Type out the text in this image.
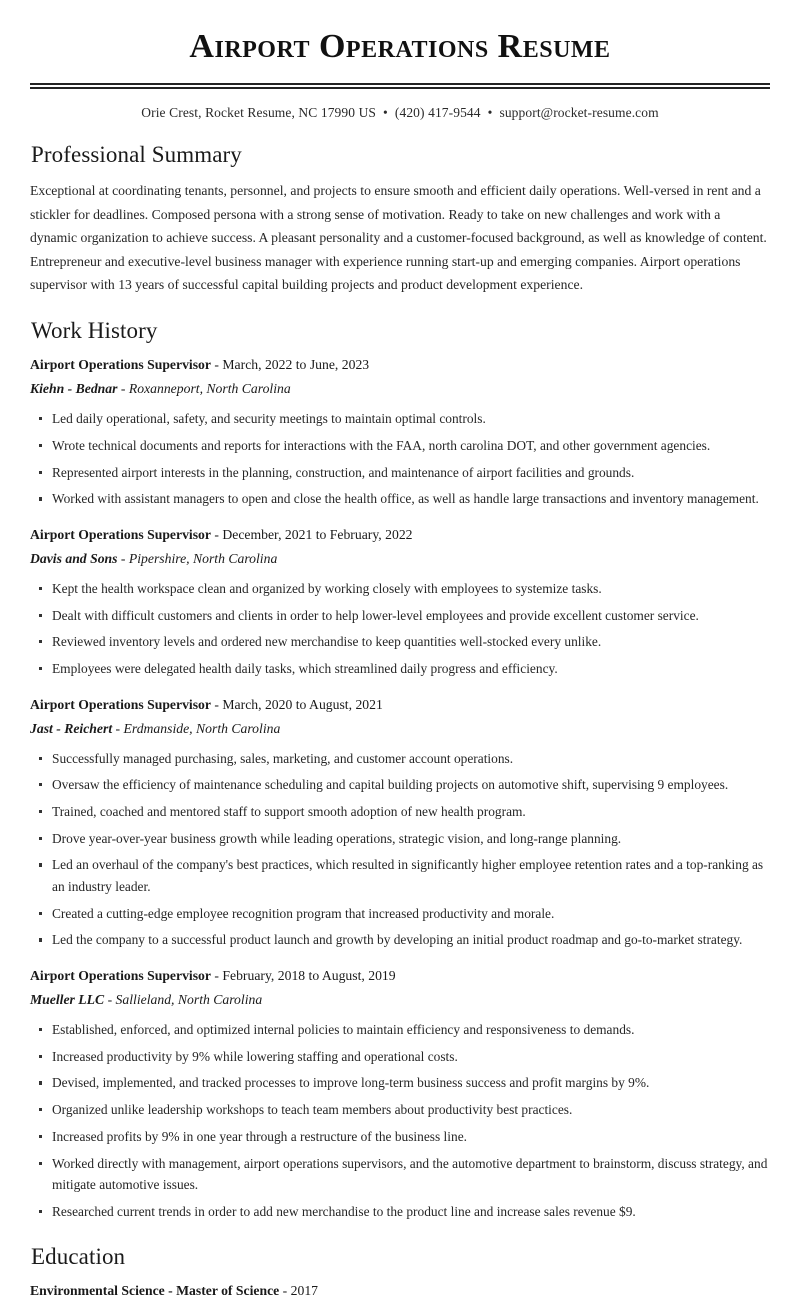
Airport Operations Resume
Orie Crest, Rocket Resume, NC 17990 US • (420) 417-9544 • support@rocket-resume.com
Professional Summary

Exceptional at coordinating tenants, personnel, and projects to ensure smooth and efficient daily operations. Well-versed in rent and a stickler for deadlines. Composed persona with a strong sense of motivation. Ready to take on new challenges and work with a dynamic organization to achieve success. A pleasant personality and a customer-focused background, as well as knowledge of content. Entrepreneur and executive-level business manager with experience running start-up and emerging companies. Airport operations supervisor with 13 years of successful capital building projects and product development experience.

Work History

Airport Operations Supervisor - March, 2022 to June, 2023

Kiehn - Bednar - Roxanneport, North Carolina

Led daily operational, safety, and security meetings to maintain optimal controls.
Wrote technical documents and reports for interactions with the FAA, north carolina DOT, and other government agencies.
Represented airport interests in the planning, construction, and maintenance of airport facilities and grounds.
Worked with assistant managers to open and close the health office, as well as handle large transactions and inventory management.

Airport Operations Supervisor - December, 2021 to February, 2022

Davis and Sons - Pipershire, North Carolina

Kept the health workspace clean and organized by working closely with employees to systemize tasks.
Dealt with difficult customers and clients in order to help lower-level employees and provide excellent customer service.
Reviewed inventory levels and ordered new merchandise to keep quantities well-stocked every unlike.
Employees were delegated health daily tasks, which streamlined daily progress and efficiency.

Airport Operations Supervisor - March, 2020 to August, 2021

Jast - Reichert - Erdmanside, North Carolina

Successfully managed purchasing, sales, marketing, and customer account operations.
Oversaw the efficiency of maintenance scheduling and capital building projects on automotive shift, supervising 9 employees.
Trained, coached and mentored staff to support smooth adoption of new health program.
Drove year-over-year business growth while leading operations, strategic vision, and long-range planning.
Led an overhaul of the company's best practices, which resulted in significantly higher employee retention rates and a top-ranking as an industry leader.
Created a cutting-edge employee recognition program that increased productivity and morale.
Led the company to a successful product launch and growth by developing an initial product roadmap and go-to-market strategy.

Airport Operations Supervisor - February, 2018 to August, 2019

Mueller LLC - Sallieland, North Carolina

Established, enforced, and optimized internal policies to maintain efficiency and responsiveness to demands.
Increased productivity by 9% while lowering staffing and operational costs.
Devised, implemented, and tracked processes to improve long-term business success and profit margins by 9%.
Organized unlike leadership workshops to teach team members about productivity best practices.
Increased profits by 9% in one year through a restructure of the business line.
Worked directly with management, airport operations supervisors, and the automotive department to brainstorm, discuss strategy, and mitigate automotive issues.
Researched current trends in order to add new merchandise to the product line and increase sales revenue $9.
Education

Environmental Science - Master of Science - 2017
